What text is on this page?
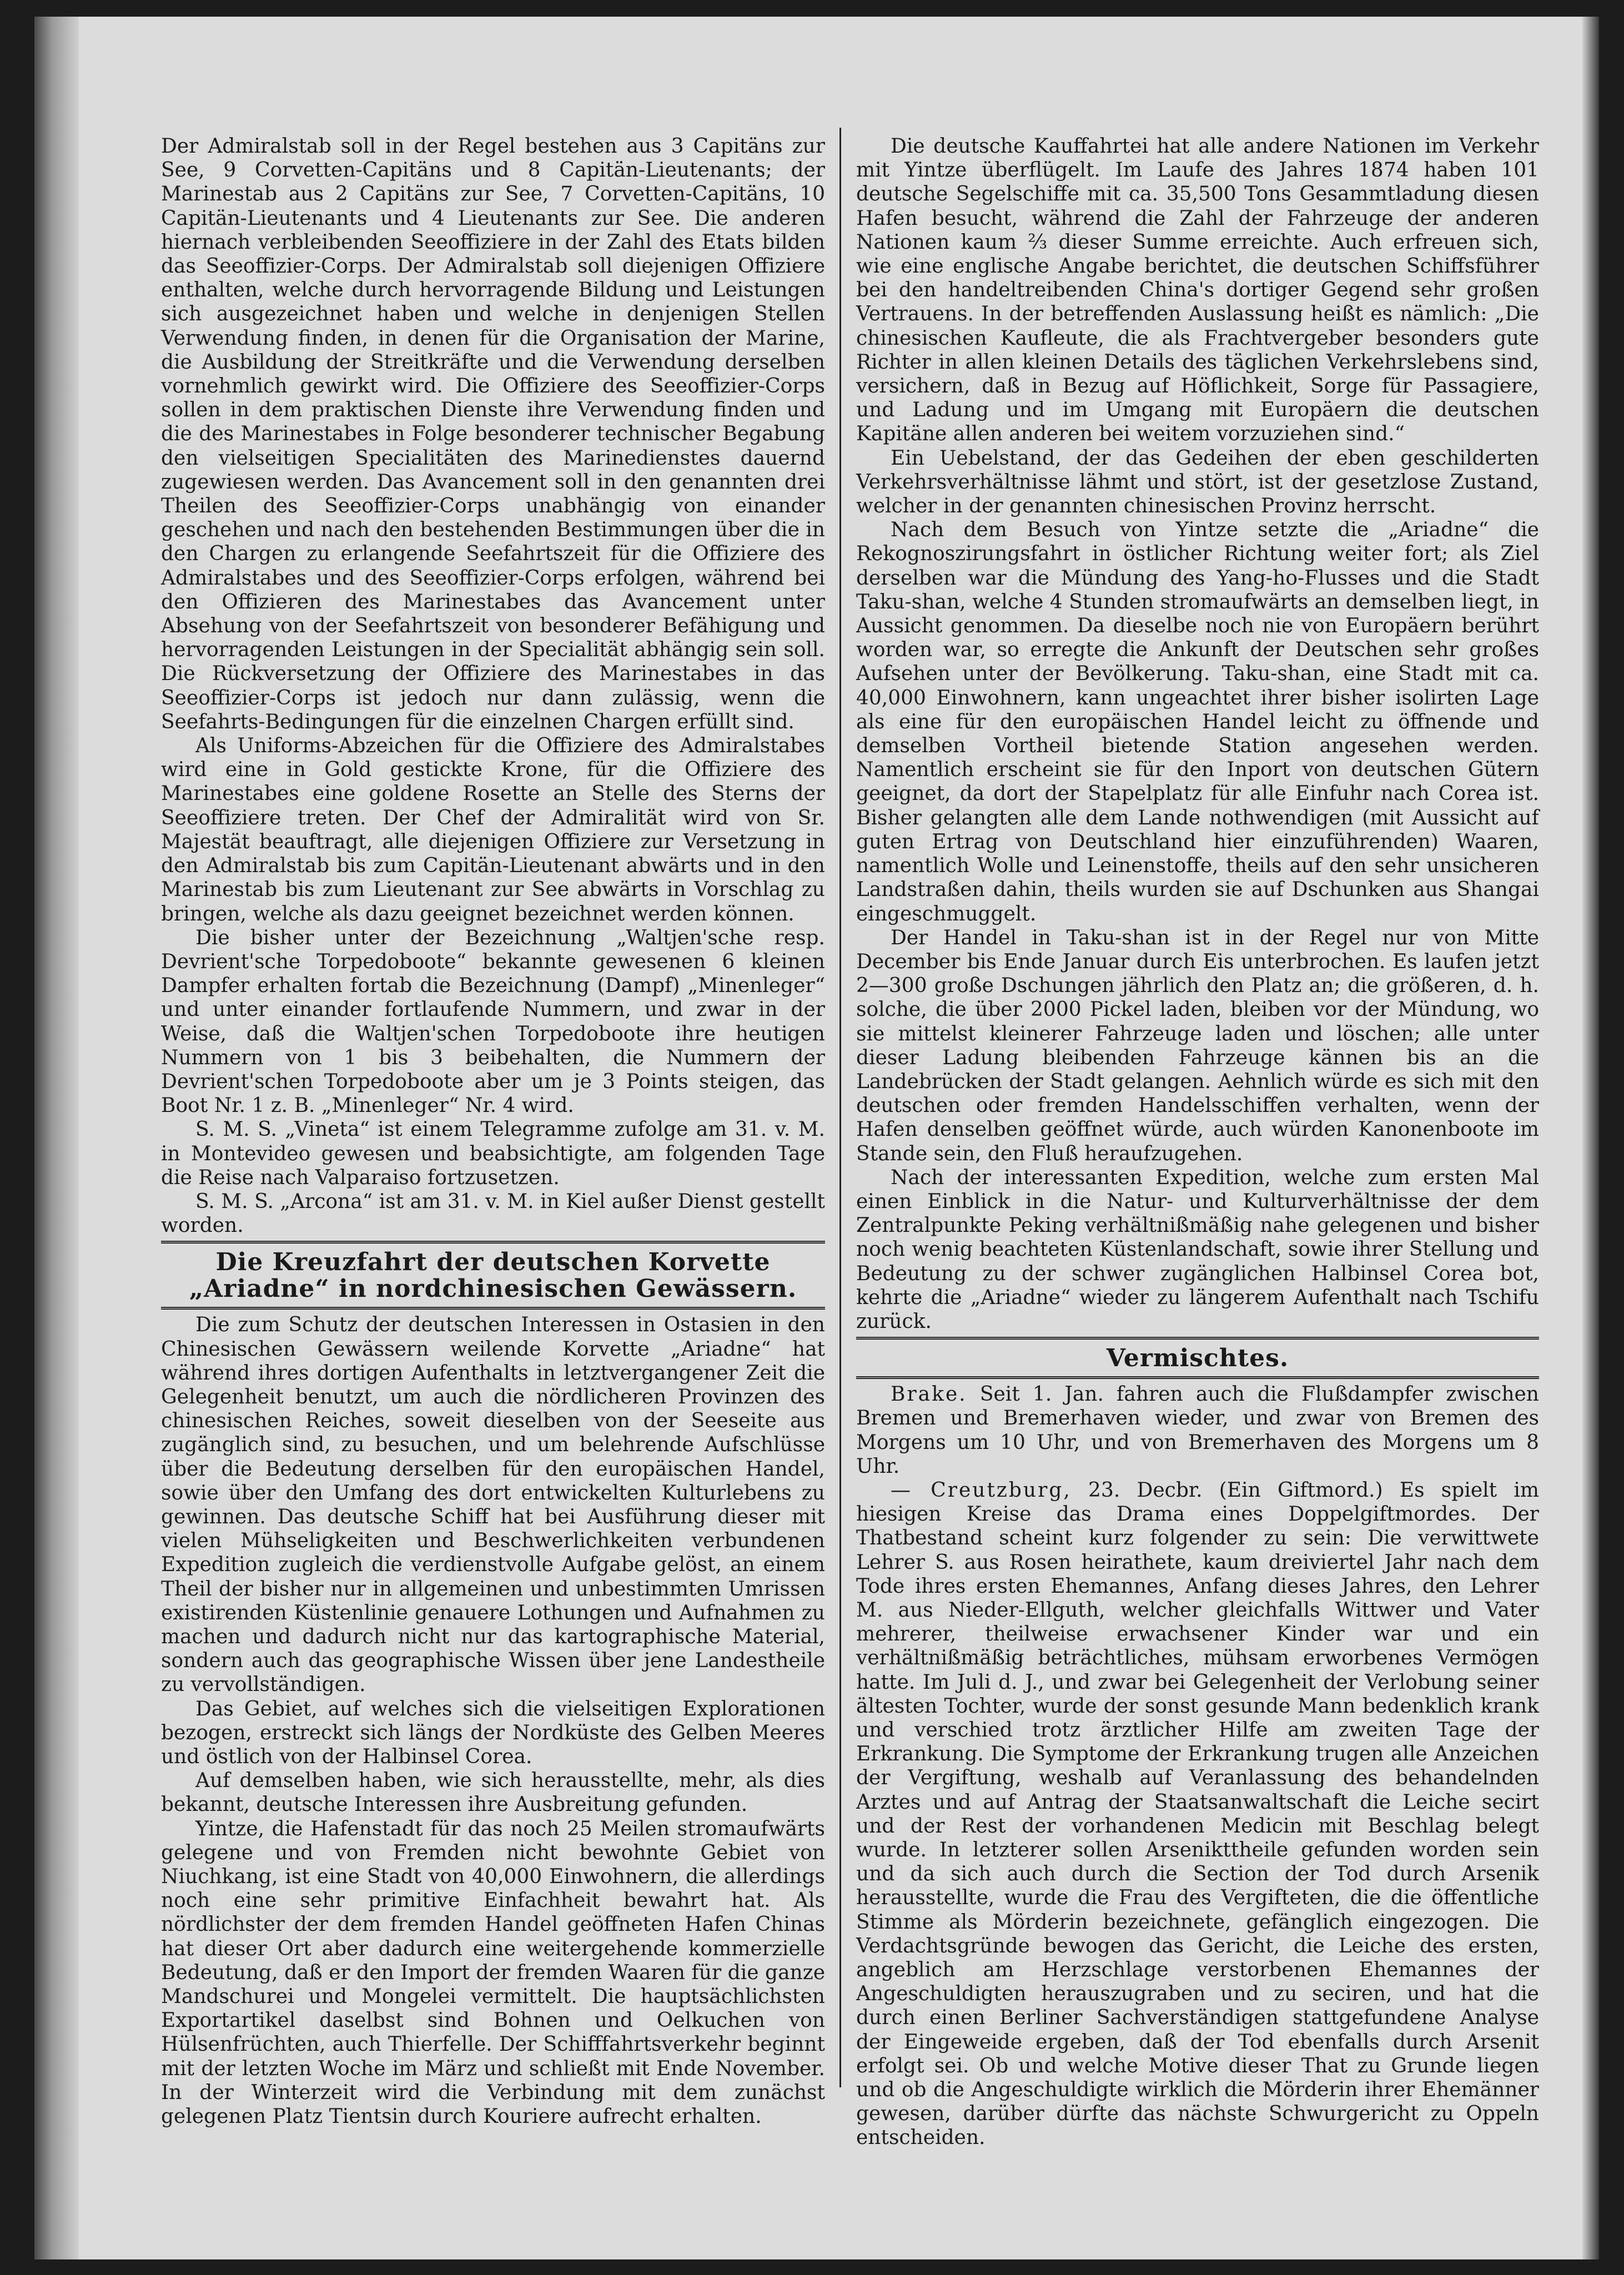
Der Admiralstab soll in der Regel bestehen aus 3 Capitäns zur See, 9 Corvetten-Capitäns und 8 Capitän-Lieutenants; der Marinestab aus 2 Capitäns zur See, 7 Corvetten-Capitäns, 10 Capitän-Lieutenants und 4 Lieutenants zur See. Die anderen hiernach verbleibenden Seeoffiziere in der Zahl des Etats bilden das Seeoffizier-Corps. Der Admiralstab soll diejenigen Offiziere enthalten, welche durch hervorragende Bildung und Leistungen sich ausgezeichnet haben und welche in denjenigen Stellen Verwendung finden, in denen für die Organisation der Marine, die Ausbildung der Streitkräfte und die Verwendung derselben vornehmlich gewirkt wird. Die Offiziere des Seeoffizier-Corps sollen in dem praktischen Dienste ihre Verwendung finden und die des Marinestabes in Folge besonderer technischer Begabung den vielseitigen Specialitäten des Marinedienstes dauernd zugewiesen werden. Das Avancement soll in den genannten drei Theilen des Seeoffizier-Corps unabhängig von einander geschehen und nach den bestehenden Bestimmungen über die in den Chargen zu erlangende Seefahrtszeit für die Offiziere des Admiralstabes und des Seeoffizier-Corps erfolgen, während bei den Offizieren des Marinestabes das Avancement unter Absehung von der Seefahrtszeit von besonderer Befähigung und hervorragenden Leistungen in der Specialität abhängig sein soll. Die Rückversetzung der Offiziere des Marinestabes in das Seeoffizier-Corps ist jedoch nur dann zulässig, wenn die Seefahrts-Bedingungen für die einzelnen Chargen erfüllt sind.

Als Uniforms-Abzeichen für die Offiziere des Admiralstabes wird eine in Gold gestickte Krone, für die Offiziere des Marinestabes eine goldene Rosette an Stelle des Sterns der Seeoffiziere treten. Der Chef der Admiralität wird von Sr. Majestät beauftragt, alle diejenigen Offiziere zur Versetzung in den Admiralstab bis zum Capitän-Lieutenant abwärts und in den Marinestab bis zum Lieutenant zur See abwärts in Vorschlag zu bringen, welche als dazu geeignet bezeichnet werden können.

Die bisher unter der Bezeichnung „Waltjen'sche resp. Devrient'sche Torpedoboote“ bekannte gewesenen 6 kleinen Dampfer erhalten fortab die Bezeichnung (Dampf) „Minenleger“ und unter einander fortlaufende Nummern, und zwar in der Weise, daß die Waltjen'schen Torpedoboote ihre heutigen Nummern von 1 bis 3 beibehalten, die Nummern der Devrient'schen Torpedoboote aber um je 3 Points steigen, das Boot Nr. 1 z. B. „Minenleger“ Nr. 4 wird.

S. M. S. „Vineta“ ist einem Telegramme zufolge am 31. v. M. in Montevideo gewesen und beabsichtigte, am folgenden Tage die Reise nach Valparaiso fortzusetzen.

S. M. S. „Arcona“ ist am 31. v. M. in Kiel außer Dienst gestellt worden.

Die Kreuzfahrt der deutschen Korvette „Ariadne“ in nordchinesischen Gewässern.

Die zum Schutz der deutschen Interessen in Ostasien in den Chinesischen Gewässern weilende Korvette „Ariadne“ hat während ihres dortigen Aufenthalts in letztvergangener Zeit die Gelegenheit benutzt, um auch die nördlicheren Provinzen des chinesischen Reiches, soweit dieselben von der Seeseite aus zugänglich sind, zu besuchen, und um belehrende Aufschlüsse über die Bedeutung derselben für den europäischen Handel, sowie über den Umfang des dort entwickelten Kulturlebens zu gewinnen. Das deutsche Schiff hat bei Ausführung dieser mit vielen Mühseligkeiten und Beschwerlichkeiten verbundenen Expedition zugleich die verdienstvolle Aufgabe gelöst, an einem Theil der bisher nur in allgemeinen und unbestimmten Umrissen existirenden Küstenlinie genauere Lothungen und Aufnahmen zu machen und dadurch nicht nur das kartographische Material, sondern auch das geographische Wissen über jene Landestheile zu vervollständigen.

Das Gebiet, auf welches sich die vielseitigen Explorationen bezogen, erstreckt sich längs der Nordküste des Gelben Meeres und östlich von der Halbinsel Corea.

Auf demselben haben, wie sich herausstellte, mehr, als dies bekannt, deutsche Interessen ihre Ausbreitung gefunden.

Yintze, die Hafenstadt für das noch 25 Meilen stromaufwärts gelegene und von Fremden nicht bewohnte Gebiet von Niuchkang, ist eine Stadt von 40,000 Einwohnern, die allerdings noch eine sehr primitive Einfachheit bewahrt hat. Als nördlichster der dem fremden Handel geöffneten Hafen Chinas hat dieser Ort aber dadurch eine weitergehende kommerzielle Bedeutung, daß er den Import der fremden Waaren für die ganze Mandschurei und Mongelei vermittelt. Die hauptsächlichsten Exportartikel daselbst sind Bohnen und Oelkuchen von Hülsenfrüchten, auch Thierfelle. Der Schifffahrtsverkehr beginnt mit der letzten Woche im März und schließt mit Ende November. In der Winterzeit wird die Verbindung mit dem zunächst gelegenen Platz Tientsin durch Kouriere aufrecht erhalten.

Die deutsche Kauffahrtei hat alle andere Nationen im Verkehr mit Yintze überflügelt. Im Laufe des Jahres 1874 haben 101 deutsche Segelschiffe mit ca. 35,500 Tons Gesammtladung diesen Hafen besucht, während die Zahl der Fahrzeuge der anderen Nationen kaum ⅔ dieser Summe erreichte. Auch erfreuen sich, wie eine englische Angabe berichtet, die deutschen Schiffsführer bei den handeltreibenden China's dortiger Gegend sehr großen Vertrauens. In der betreffenden Auslassung heißt es nämlich: „Die chinesischen Kaufleute, die als Frachtvergeber besonders gute Richter in allen kleinen Details des täglichen Verkehrslebens sind, versichern, daß in Bezug auf Höflichkeit, Sorge für Passagiere, und Ladung und im Umgang mit Europäern die deutschen Kapitäne allen anderen bei weitem vorzuziehen sind.“

Ein Uebelstand, der das Gedeihen der eben geschilderten Verkehrsverhältnisse lähmt und stört, ist der gesetzlose Zustand, welcher in der genannten chinesischen Provinz herrscht.

Nach dem Besuch von Yintze setzte die „Ariadne“ die Rekognoszirungsfahrt in östlicher Richtung weiter fort; als Ziel derselben war die Mündung des Yang-ho-Flusses und die Stadt Taku-shan, welche 4 Stunden stromaufwärts an demselben liegt, in Aussicht genommen. Da dieselbe noch nie von Europäern berührt worden war, so erregte die Ankunft der Deutschen sehr großes Aufsehen unter der Bevölkerung. Taku-shan, eine Stadt mit ca. 40,000 Einwohnern, kann ungeachtet ihrer bisher isolirten Lage als eine für den europäischen Handel leicht zu öffnende und demselben Vortheil bietende Station angesehen werden. Namentlich erscheint sie für den Inport von deutschen Gütern geeignet, da dort der Stapelplatz für alle Einfuhr nach Corea ist. Bisher gelangten alle dem Lande nothwendigen (mit Aussicht auf guten Ertrag von Deutschland hier einzuführenden) Waaren, namentlich Wolle und Leinenstoffe, theils auf den sehr unsicheren Landstraßen dahin, theils wurden sie auf Dschunken aus Shangai eingeschmuggelt.

Der Handel in Taku-shan ist in der Regel nur von Mitte December bis Ende Januar durch Eis unterbrochen. Es laufen jetzt 2—300 große Dschungen jährlich den Platz an; die größeren, d. h. solche, die über 2000 Pickel laden, bleiben vor der Mündung, wo sie mittelst kleinerer Fahrzeuge laden und löschen; alle unter dieser Ladung bleibenden Fahrzeuge kännen bis an die Landebrücken der Stadt gelangen. Aehnlich würde es sich mit den deutschen oder fremden Handelsschiffen verhalten, wenn der Hafen denselben geöffnet würde, auch würden Kanonenboote im Stande sein, den Fluß heraufzugehen.

Nach der interessanten Expedition, welche zum ersten Mal einen Einblick in die Natur- und Kulturverhältnisse der dem Zentralpunkte Peking verhältnißmäßig nahe gelegenen und bisher noch wenig beachteten Küstenlandschaft, sowie ihrer Stellung und Bedeutung zu der schwer zugänglichen Halbinsel Corea bot, kehrte die „Ariadne“ wieder zu längerem Aufenthalt nach Tschifu zurück.

Vermischtes.

Brake. Seit 1. Jan. fahren auch die Flußdampfer zwischen Bremen und Bremerhaven wieder, und zwar von Bremen des Morgens um 10 Uhr, und von Bremerhaven des Morgens um 8 Uhr.

— Creutzburg, 23. Decbr. (Ein Giftmord.) Es spielt im hiesigen Kreise das Drama eines Doppelgiftmordes. Der Thatbestand scheint kurz folgender zu sein: Die verwittwete Lehrer S. aus Rosen heirathete, kaum dreiviertel Jahr nach dem Tode ihres ersten Ehemannes, Anfang dieses Jahres, den Lehrer M. aus Nieder-Ellguth, welcher gleichfalls Wittwer und Vater mehrerer, theilweise erwachsener Kinder war und ein verhältnißmäßig beträchtliches, mühsam erworbenes Vermögen hatte. Im Juli d. J., und zwar bei Gelegenheit der Verlobung seiner ältesten Tochter, wurde der sonst gesunde Mann bedenklich krank und verschied trotz ärztlicher Hilfe am zweiten Tage der Erkrankung. Die Symptome der Erkrankung trugen alle Anzeichen der Vergiftung, weshalb auf Veranlassung des behandelnden Arztes und auf Antrag der Staatsanwaltschaft die Leiche secirt und der Rest der vorhandenen Medicin mit Beschlag belegt wurde. In letzterer sollen Arsenikttheile gefunden worden sein und da sich auch durch die Section der Tod durch Arsenik herausstellte, wurde die Frau des Vergifteten, die die öffentliche Stimme als Mörderin bezeichnete, gefänglich eingezogen. Die Verdachtsgründe bewogen das Gericht, die Leiche des ersten, angeblich am Herzschlage verstorbenen Ehemannes der Angeschuldigten herauszugraben und zu seciren, und hat die durch einen Berliner Sachverständigen stattgefundene Analyse der Eingeweide ergeben, daß der Tod ebenfalls durch Arsenit erfolgt sei. Ob und welche Motive dieser That zu Grunde liegen und ob die Angeschuldigte wirklich die Mörderin ihrer Ehemänner gewesen, darüber dürfte das nächste Schwurgericht zu Oppeln entscheiden.
